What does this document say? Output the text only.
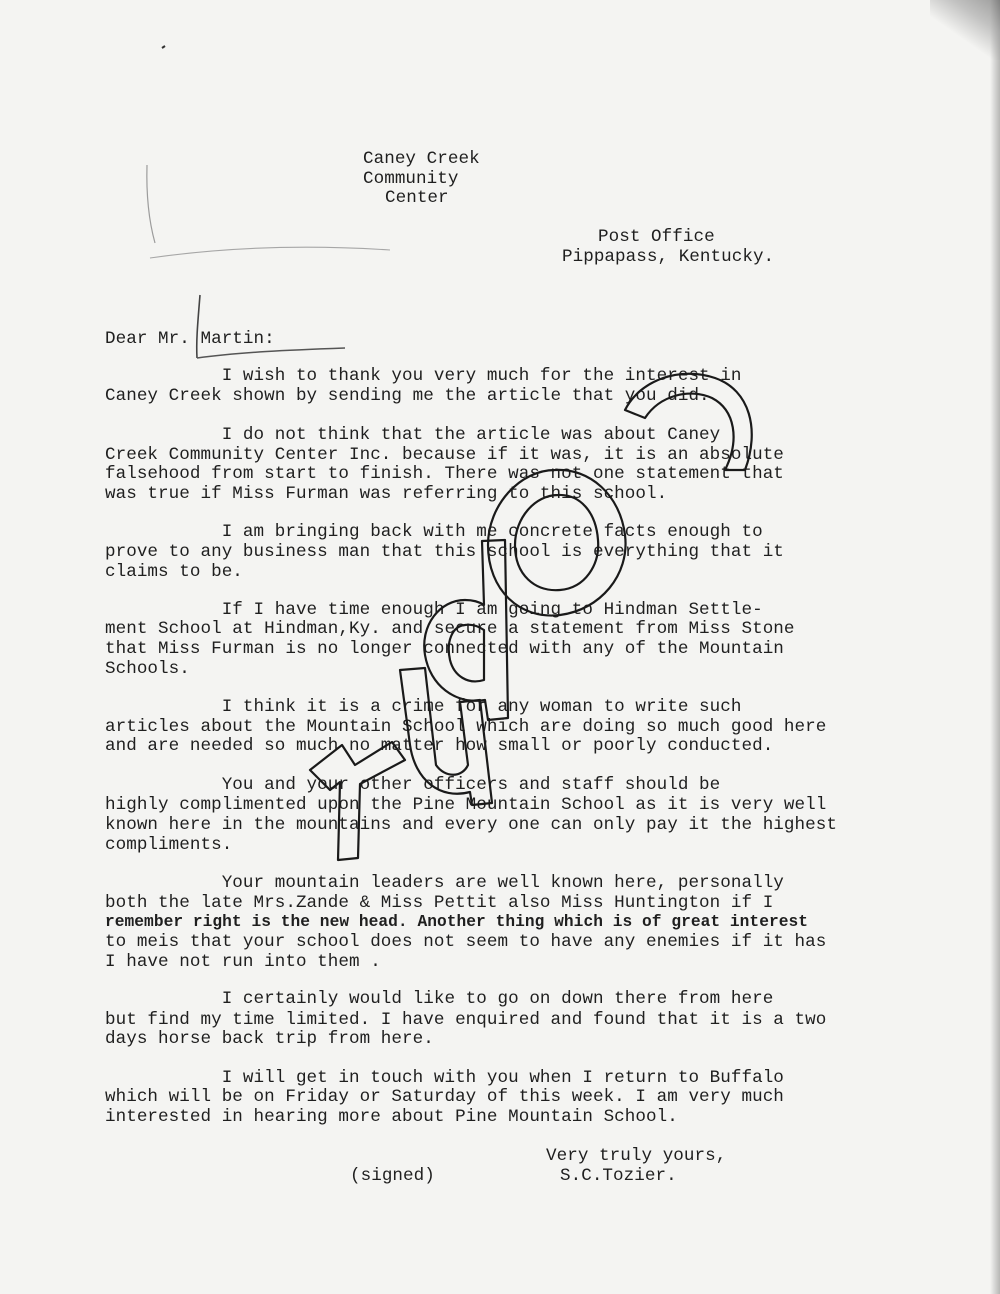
Caney Creek
Community
Center
Post Office
Pippapass, Kentucky.
Dear Mr. Martin:
I wish to thank you very much for the interest in
Caney Creek shown by sending me the article that you did.
I do not think that the article was about Caney
Creek Community Center Inc. because if it was, it is an absolute
falsehood from start to finish. There was not one statement that
was true if Miss Furman was referring to this school.
I am bringing back with me concrete facts enough to
prove to any business man that this school is everything that it
claims to be.
If I have time enough I am going to Hindman Settle-
ment School at Hindman,Ky. and secure a statement from Miss Stone
that Miss Furman is no longer connected with any of the Mountain
Schools.
I think it is a crime for any woman to write such
articles about the Mountain School which are doing so much good here
and are needed so much no matter how small or poorly conducted.
You and your other officers and staff should be
highly complimented upon the Pine Mountain School as it is very well
known here in the mountains and every one can only pay it the highest
compliments.
Your mountain leaders are well known here, personally
both the late Mrs.Zande & Miss Pettit also Miss Huntington if I
remember right is the new head. Another thing which is of great interest
to meis that your school does not seem to have any enemies if it has
I have not run into them .
I certainly would like to go on down there from here
but find my time limited. I have enquired and found that it is a two
days horse back trip from here.
I will get in touch with you when I return to Buffalo
which will be on Friday or Saturday of this week. I am very much
interested in hearing more about Pine Mountain School.
Very truly yours,
(signed)	S.C.Tozier.
